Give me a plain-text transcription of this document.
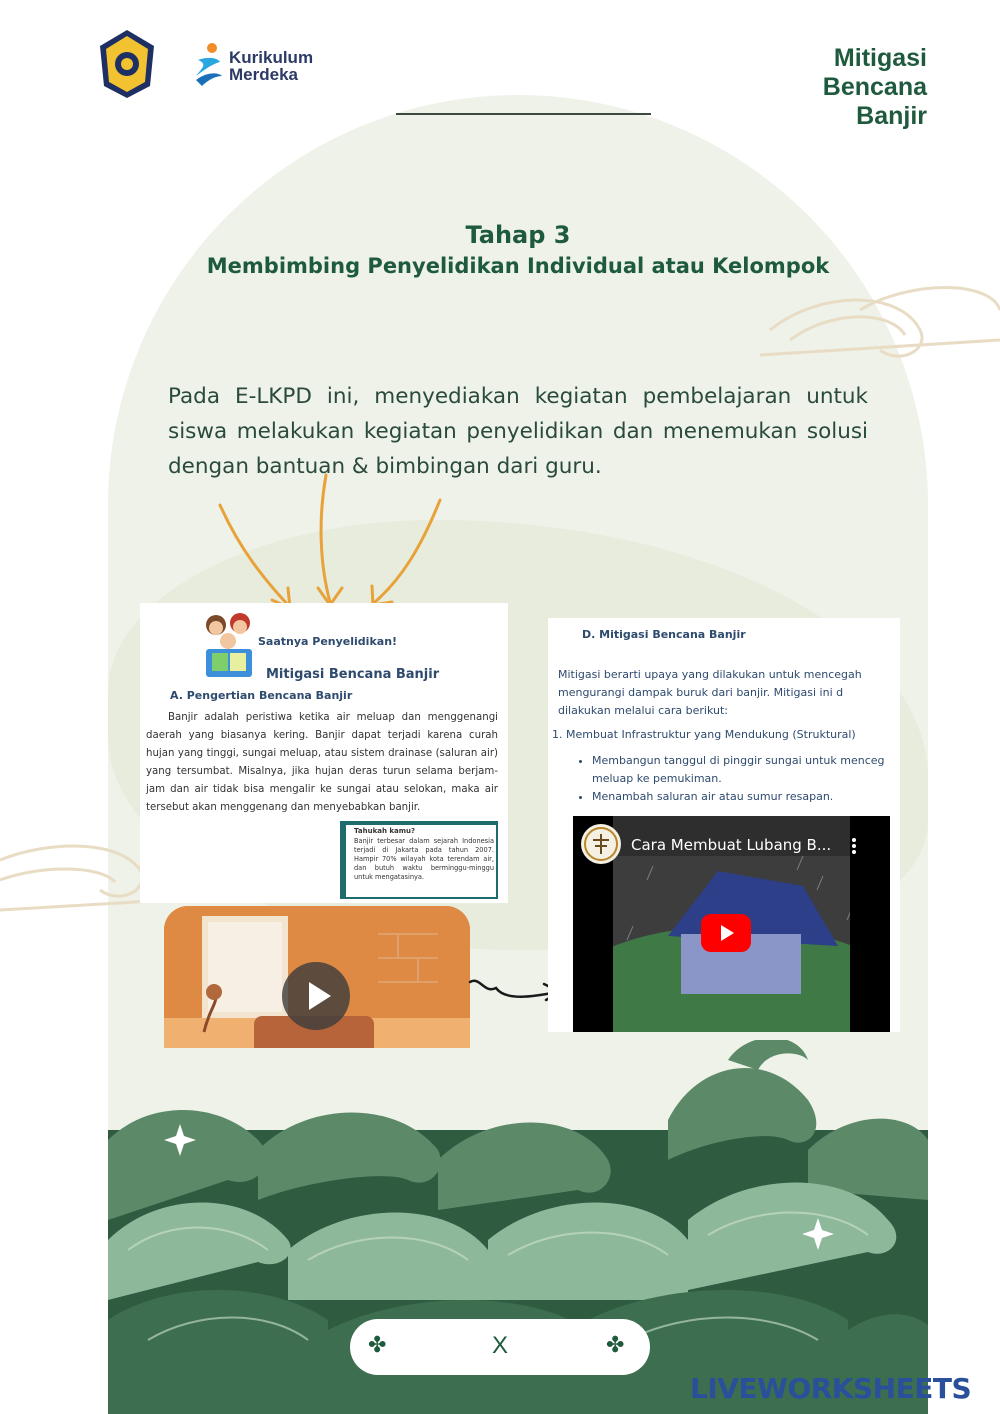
Kurikulum
Merdeka
Mitigasi
Bencana
Banjir
Tahap 3
Membimbing Penyelidikan Individual atau Kelompok
Pada E-LKPD ini, menyediakan kegiatan pembelajaran untuk siswa melakukan kegiatan penyelidikan dan menemukan solusi dengan bantuan & bimbingan dari guru.
Saatnya Penyelidikan!
Mitigasi Bencana Banjir
A. Pengertian Bencana Banjir
Banjir adalah peristiwa ketika air meluap dan menggenangi daerah yang biasanya kering. Banjir dapat terjadi karena curah hujan yang tinggi, sungai meluap, atau sistem drainase (saluran air) yang tersumbat. Misalnya, jika hujan deras turun selama berjam-jam dan air tidak bisa mengalir ke sungai atau selokan, maka air tersebut akan menggenang dan menyebabkan banjir.
Tahukah kamu?
Banjir terbesar dalam sejarah Indonesia terjadi di Jakarta pada tahun 2007. Hampir 70% wilayah kota terendam air, dan butuh waktu berminggu-minggu untuk mengatasinya.
D. Mitigasi Bencana Banjir
Mitigasi berarti upaya yang dilakukan untuk mencegah mengurangi dampak buruk dari banjir. Mitigasi ini d dilakukan melalui cara berikut:
1. Membuat Infrastruktur yang Mendukung (Struktural)
• Membangun tanggul di pinggir sungai untuk menceg meluap ke pemukiman.
• Menambah saluran air atau sumur resapan.
Cara Membuat Lubang B...
✤	X	✤
LIVEWORKSHEETS
